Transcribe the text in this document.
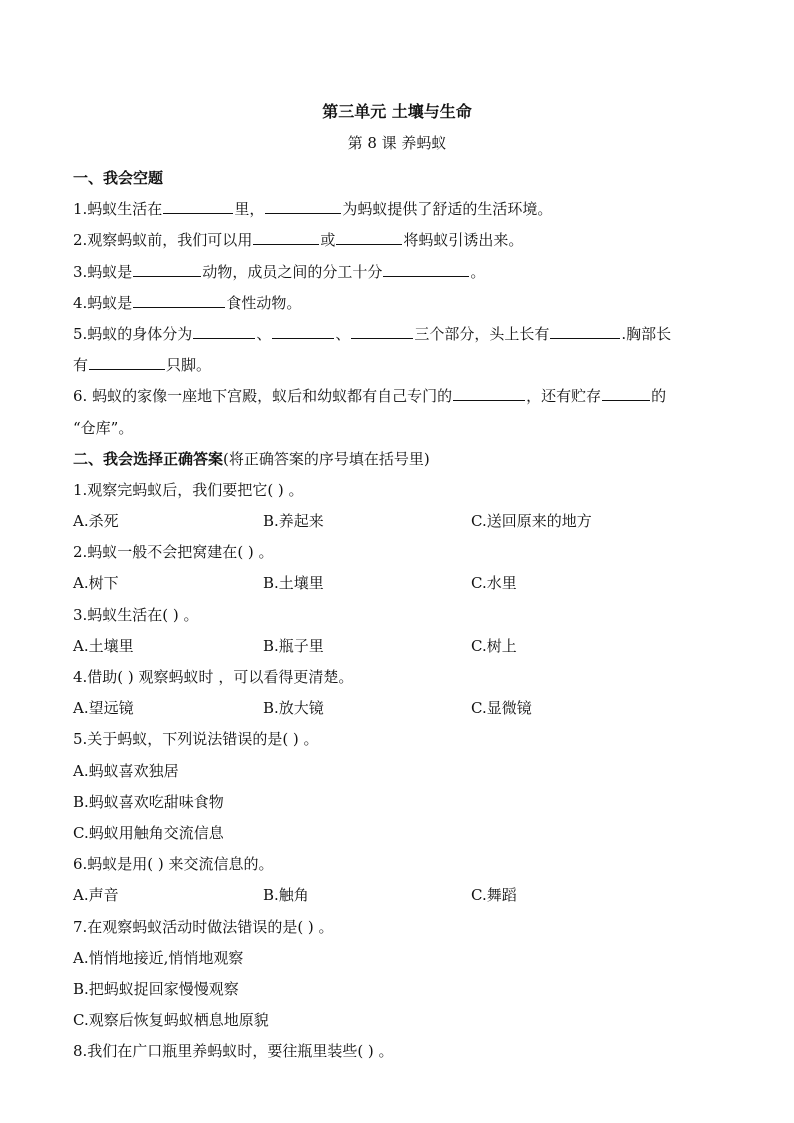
第三单元 土壤与生命
第 8 课 养蚂蚁
一、我会空题
1.蚂蚁生活在	里，	为蚂蚁提供了舒适的生活环境。
2.观察蚂蚁前，我们可以用	或	将蚂蚁引诱出来。
3.蚂蚁是	动物，成员之间的分工十分	。
4.蚂蚁是	食性动物。
5.蚂蚁的身体分为	、	、	三个部分，头上长有	.胸部长
有	只脚。
6. 蚂蚁的家像一座地下宫殿，蚁后和幼蚁都有自己专门的	，还有贮存	的
“仓库”。
二、我会选择正确答案(将正确答案的序号填在括号里)
1.观察完蚂蚁后，我们要把它( ) 。
A.杀死	B.养起来	C.送回原来的地方
2.蚂蚁一般不会把窝建在( ) 。
A.树下	B.土壤里	C.水里
3.蚂蚁生活在( ) 。
A.土壤里	B.瓶子里	C.树上
4.借助( ) 观察蚂蚁时 ，可以看得更清楚。
A.望远镜	B.放大镜	C.显微镜
5.关于蚂蚁，下列说法错误的是( ) 。
A.蚂蚁喜欢独居
B.蚂蚁喜欢吃甜味食物
C.蚂蚁用触角交流信息
6.蚂蚁是用( ) 来交流信息的。
A.声音	B.触角	C.舞蹈
7.在观察蚂蚁活动时做法错误的是( ) 。
A.悄悄地接近,悄悄地观察
B.把蚂蚁捉回家慢慢观察
C.观察后恢复蚂蚁栖息地原貌
8.我们在广口瓶里养蚂蚁时，要往瓶里装些( ) 。
